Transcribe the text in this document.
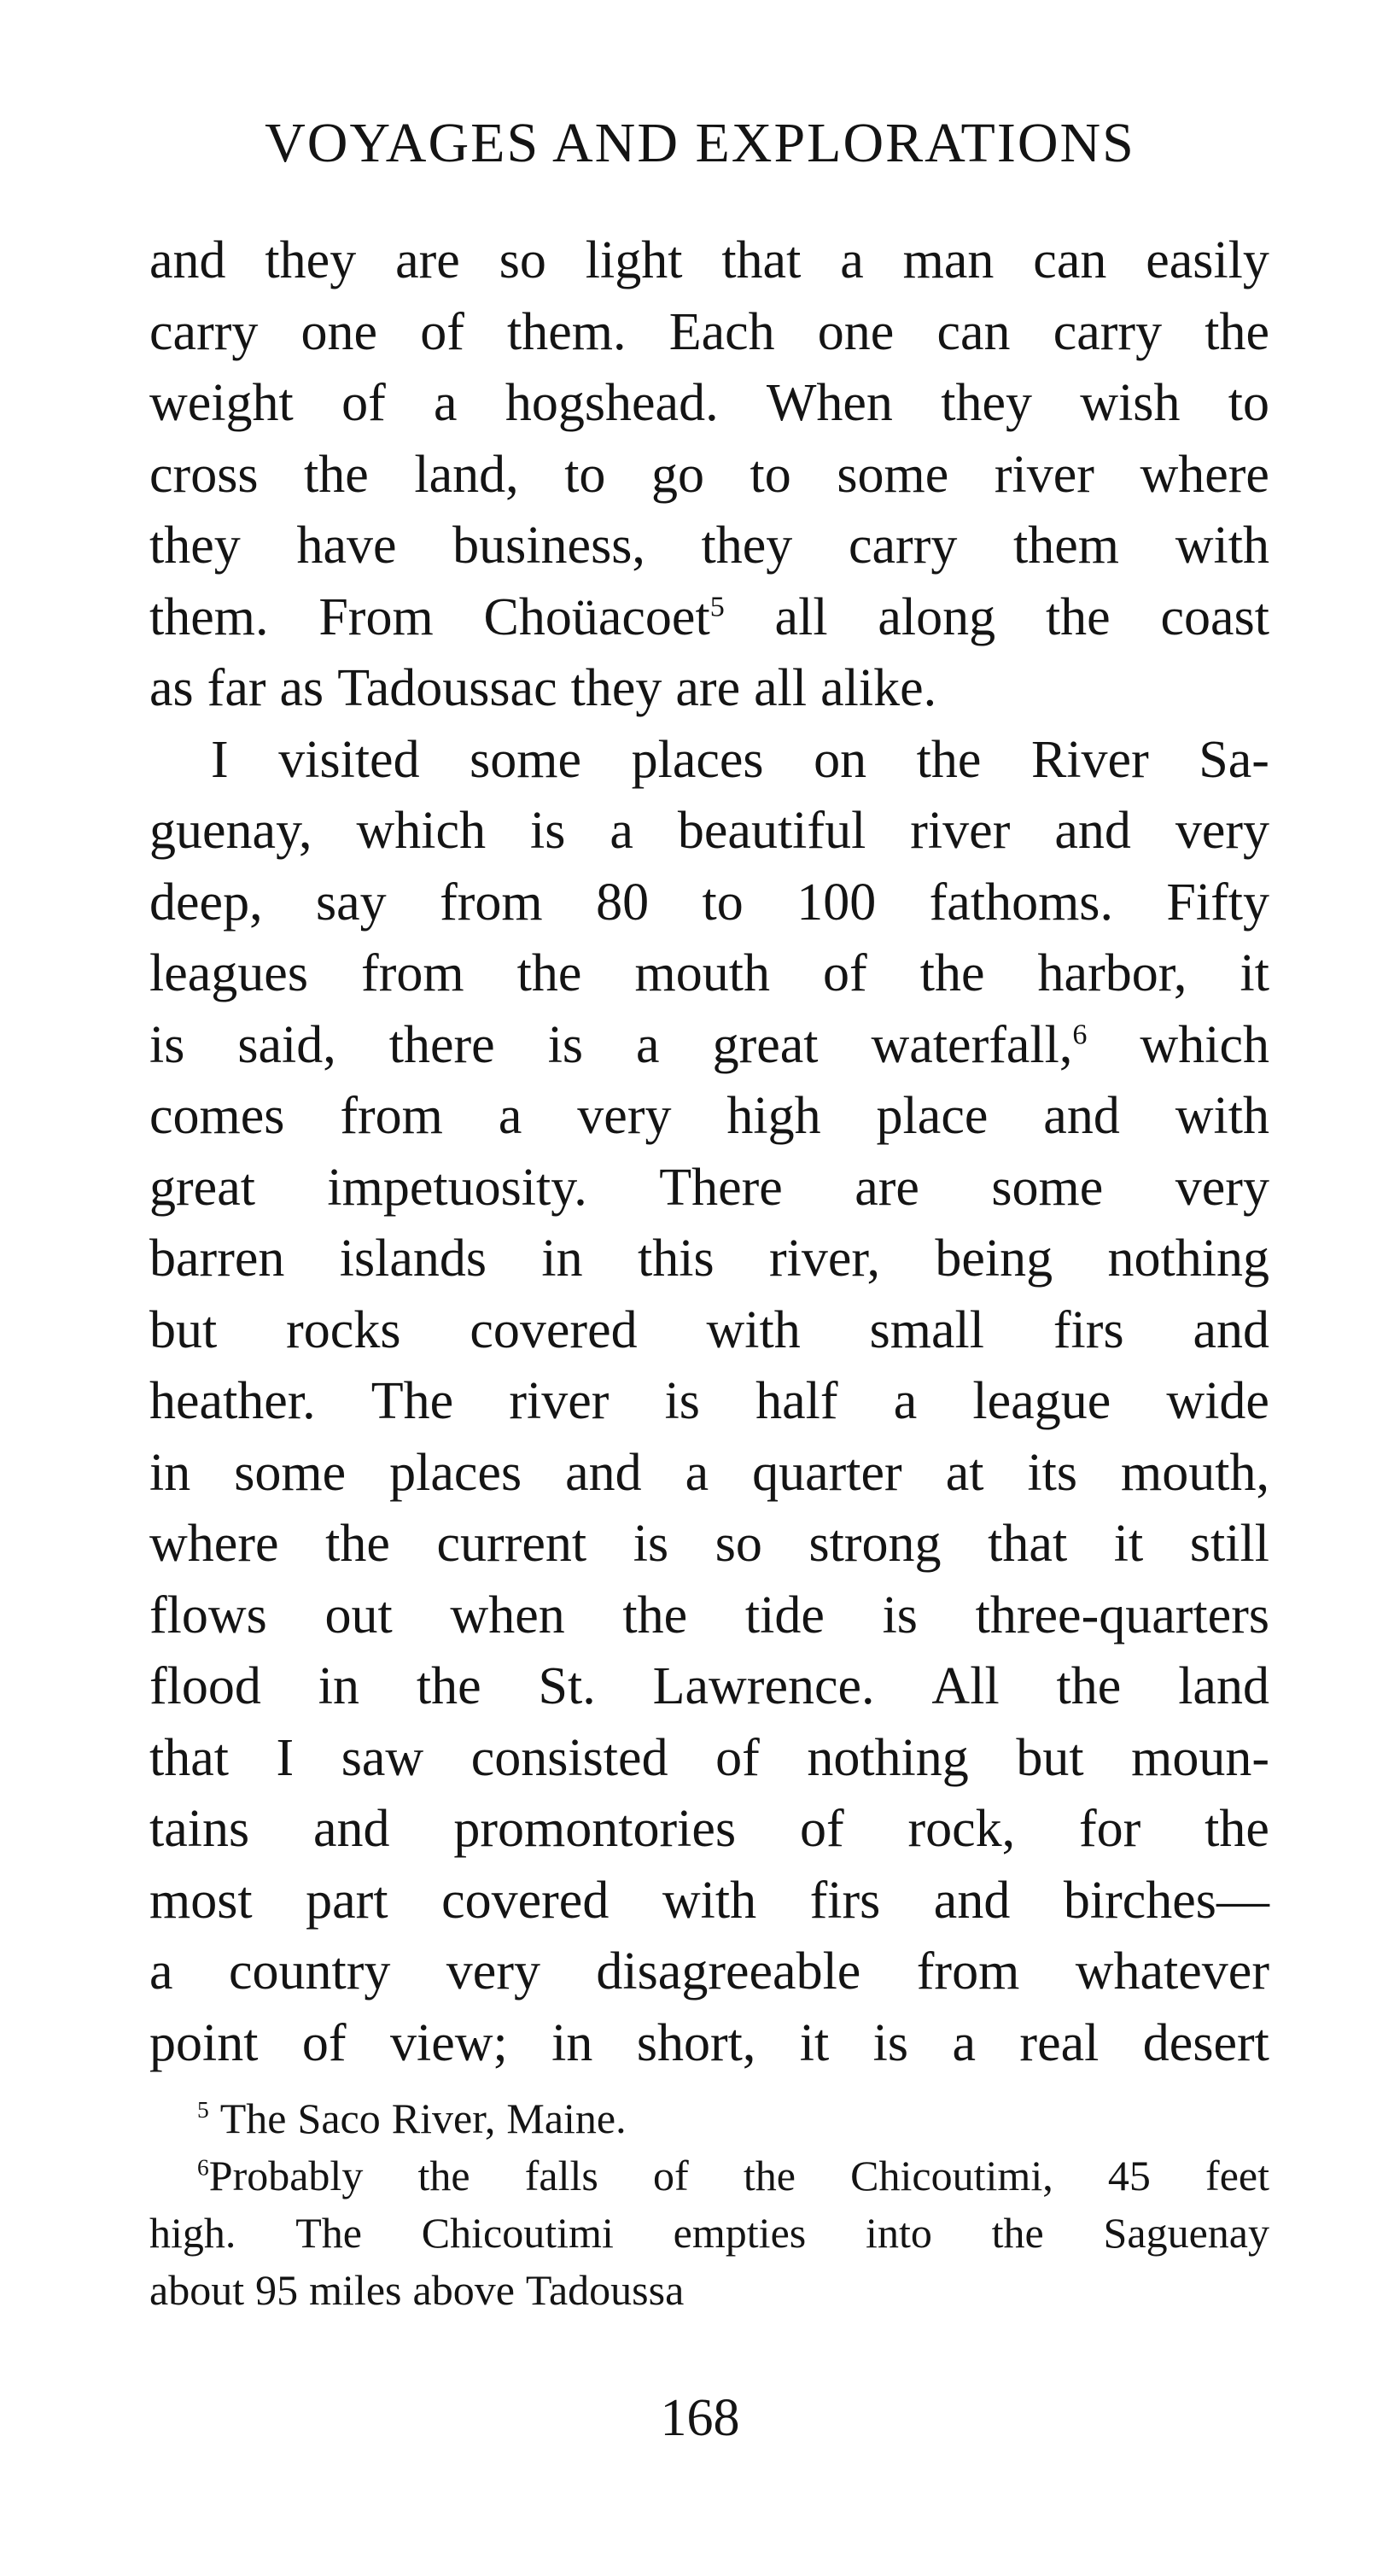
VOYAGES AND EXPLORATIONS
and they are so light that a man can easily
carry one of them. Each one can carry the
weight of a hogshead. When they wish to
cross the land, to go to some river where
they have business, they carry them with
them. From Choüacoet$^5$ all along the coast
as far as Tadoussac they are all alike.
I visited some places on the River Sa-
guenay, which is a beautiful river and very
deep, say from 80 to 100 fathoms. Fifty
leagues from the mouth of the harbor, it
is said, there is a great waterfall,$^6$ which
comes from a very high place and with
great impetuosity. There are some very
barren islands in this river, being nothing
but rocks covered with small firs and
heather. The river is half a league wide
in some places and a quarter at its mouth,
where the current is so strong that it still
flows out when the tide is three-quarters
flood in the St. Lawrence. All the land
that I saw consisted of nothing but moun-
tains and promontories of rock, for the
most part covered with firs and birches—
a country very disagreeable from whatever
point of view; in short, it is a real desert
$^5$ The Saco River, Maine.
$^6$Probably the falls of the Chicoutimi, 45 feet
high. The Chicoutimi empties into the Saguenay
about 95 miles above Tadoussa
168
